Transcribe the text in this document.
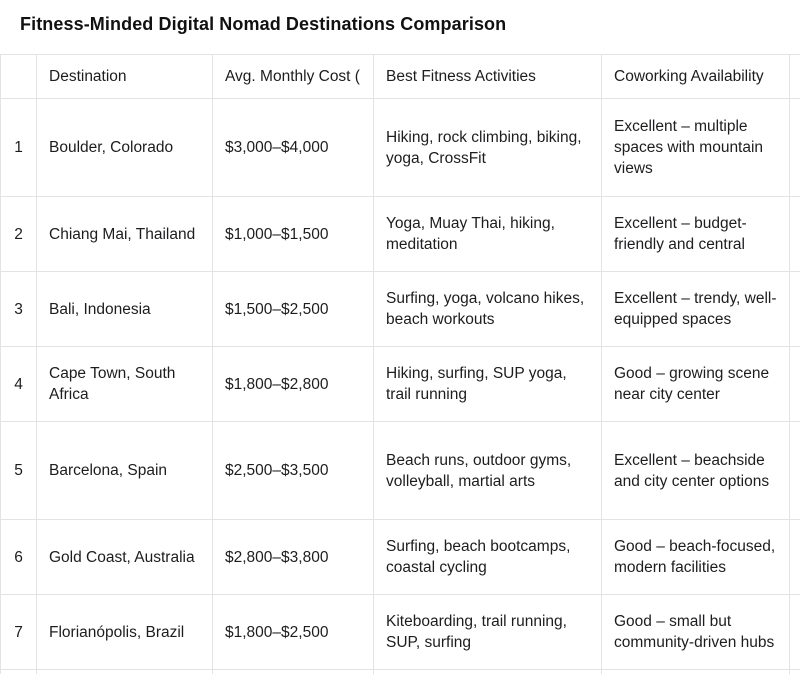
Fitness-Minded Digital Nomad Destinations Comparison
	Destination	Avg. Monthly Cost (	Best Fitness Activities	Coworking Availability	
1	Boulder, Colorado	$3,000–$4,000	Hiking, rock climbing, biking, yoga, CrossFit	Excellent – multiple spaces with mountain views	
2	Chiang Mai, Thailand	$1,000–$1,500	Yoga, Muay Thai, hiking, meditation	Excellent – budget-friendly and central	
3	Bali, Indonesia	$1,500–$2,500	Surfing, yoga, volcano hikes, beach workouts	Excellent – trendy, well-equipped spaces	
4	Cape Town, South Africa	$1,800–$2,800	Hiking, surfing, SUP yoga, trail running	Good – growing scene near city center	
5	Barcelona, Spain	$2,500–$3,500	Beach runs, outdoor gyms, volleyball, martial arts	Excellent – beachside and city center options	
6	Gold Coast, Australia	$2,800–$3,800	Surfing, beach bootcamps, coastal cycling	Good – beach-focused, modern facilities	
7	Florianópolis, Brazil	$1,800–$2,500	Kiteboarding, trail running, SUP, surfing	Good – small but community-driven hubs	
